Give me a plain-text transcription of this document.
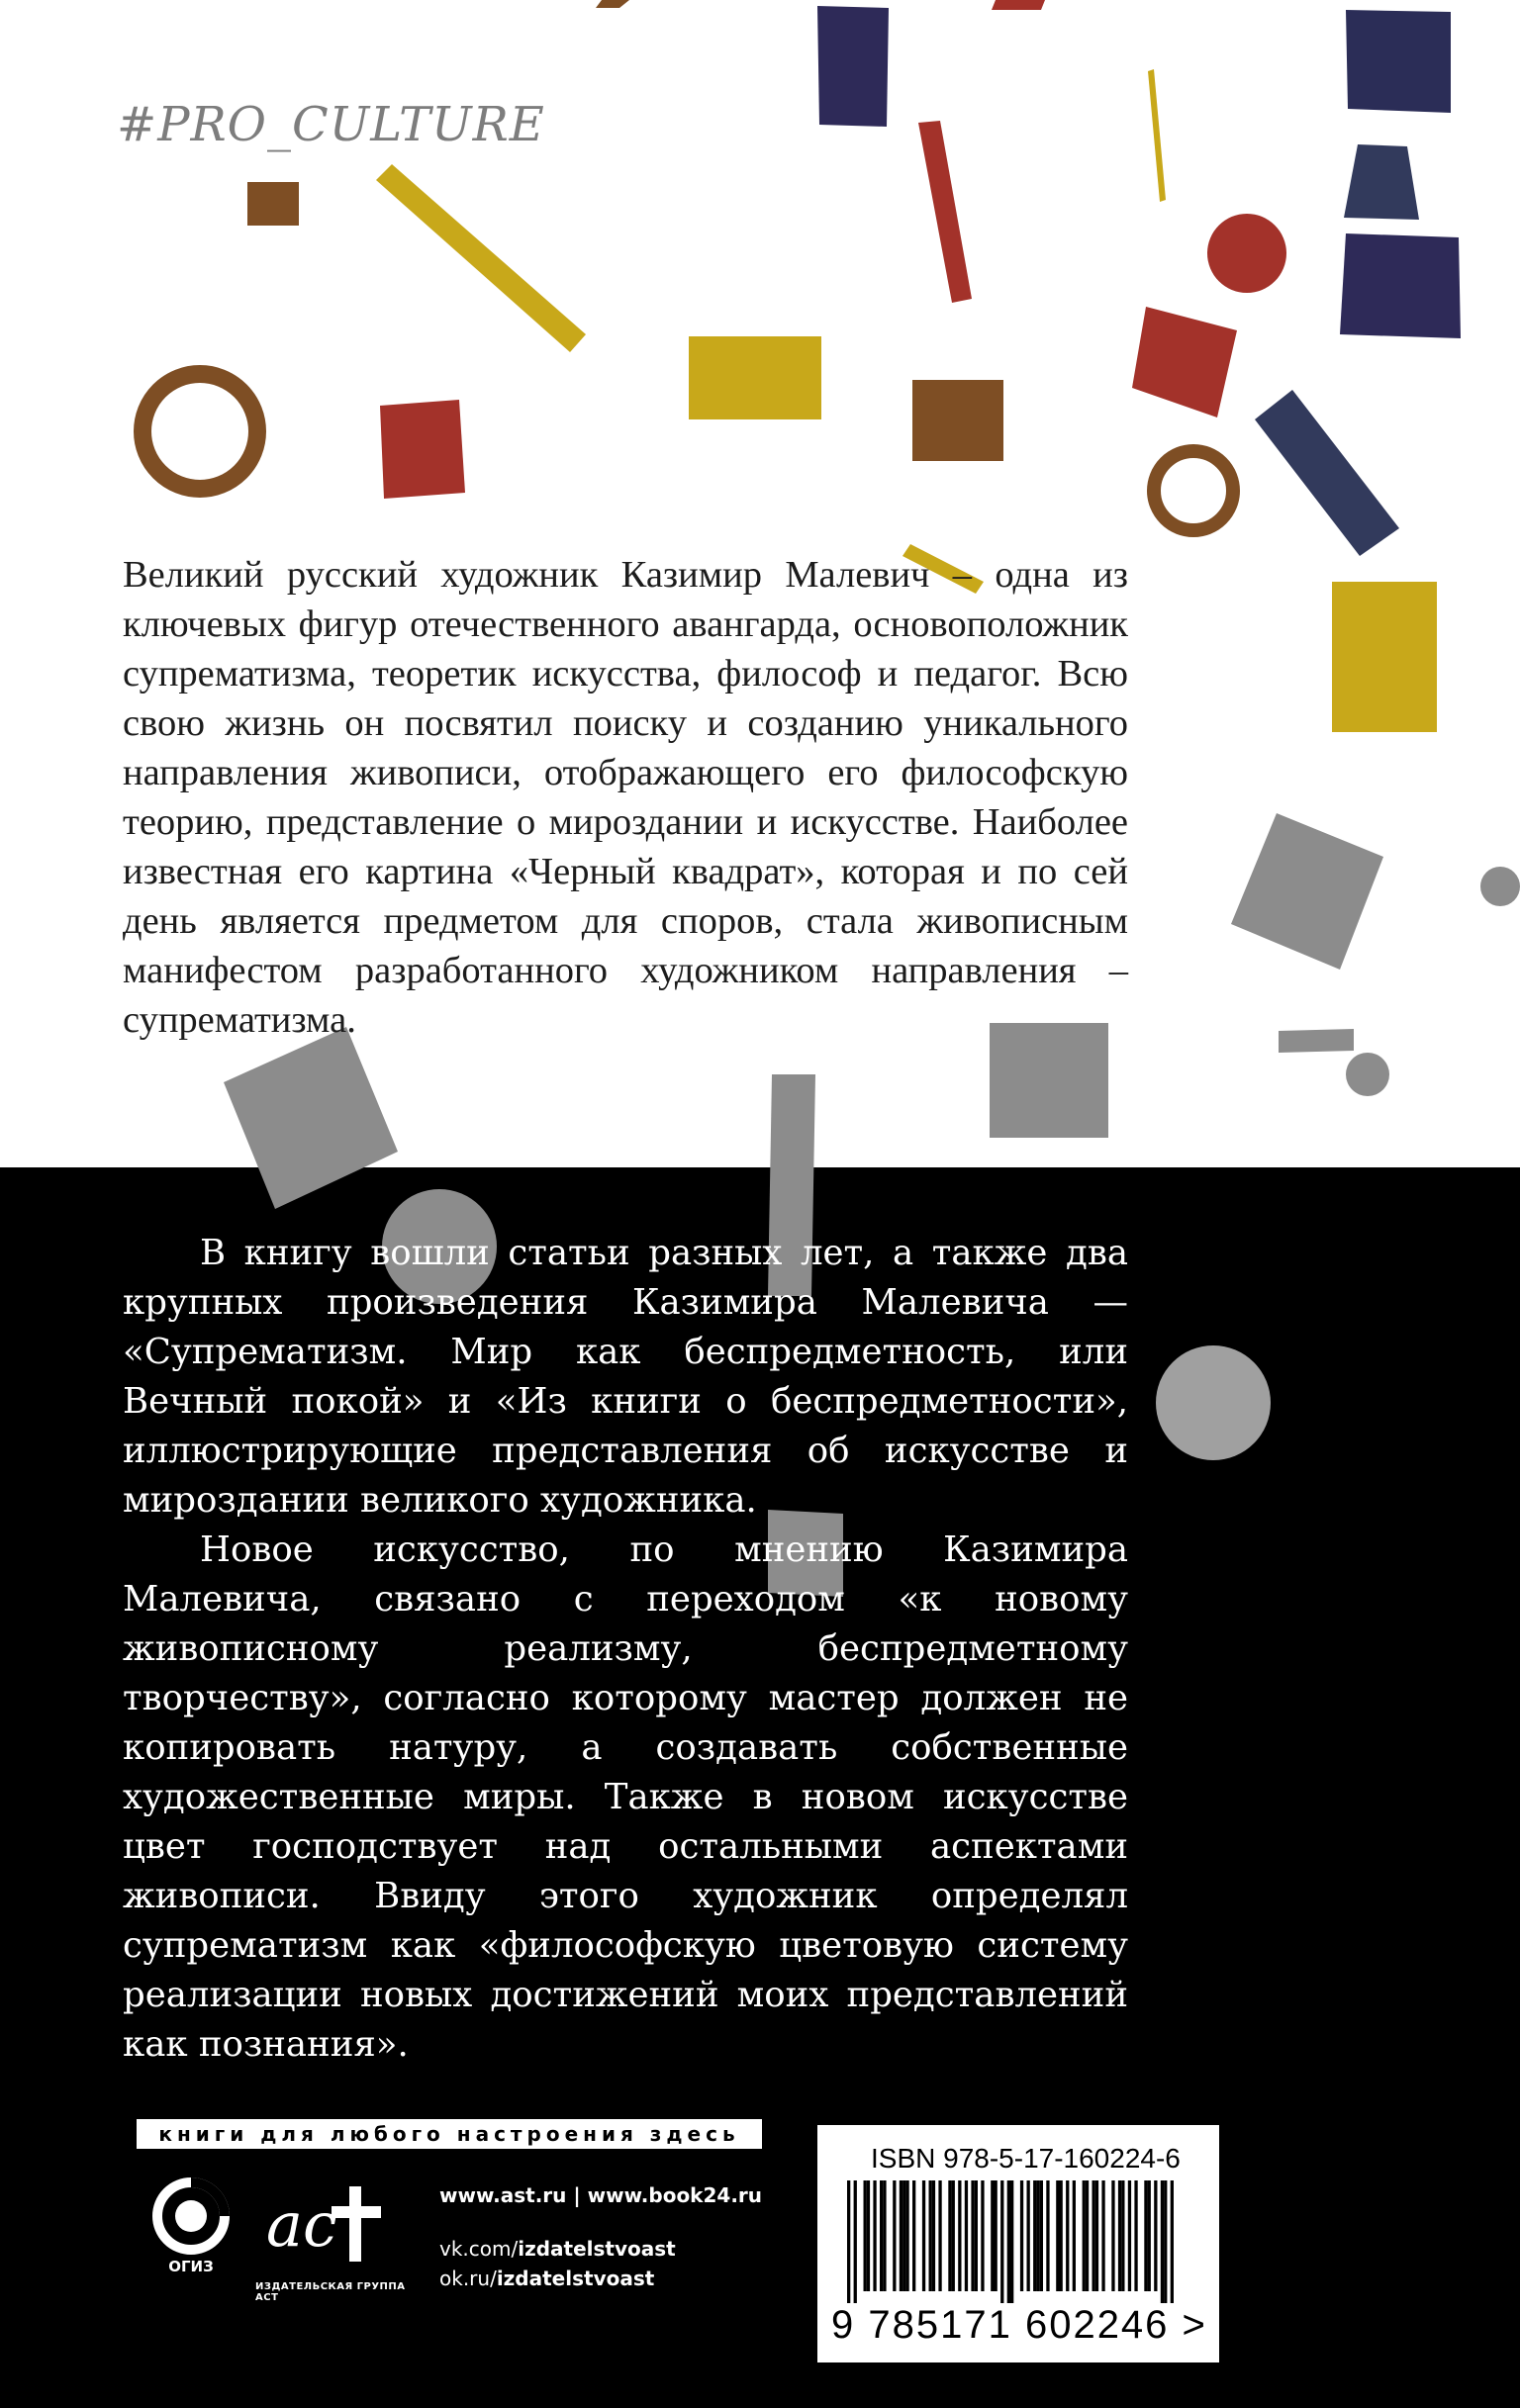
#PRO_CULTURE

Великий русский художник Казимир Малевич – одна из ключевых фигур отечественного авангарда, основоположник супрематизма, теоретик искусства, философ и педагог. Всю свою жизнь он посвятил поиску и созданию уникального направления живописи, отображающего его философскую теорию, представление о мироздании и искусстве. Наиболее известная его картина «Черный квадрат», которая и по сей день является предметом для споров, стала живописным манифестом разработанного художником направления – супрематизма.

В книгу вошли статьи разных лет, а также два крупных произведения Казимира Малевича — «Супрематизм. Мир как беспредметность, или Вечный покой» и «Из книги о беспредметности», иллюстрирующие представления об искусстве и мироздании великого художника.

Новое искусство, по мнению Казимира Малевича, связано с переходом «к новому живописному реализму, беспредметному творчеству», согласно которому мастер должен не копировать натуру, а создавать собственные художественные миры. Также в новом искусстве цвет господствует над остальными аспектами живописи. Ввиду этого художник определял супрематизм как «философскую цветовую систему реализации новых достижений моих представлений как познания».

книги для любого настроения здесь
ОГИЗ
ac
ИЗДАТЕЛЬСКАЯ ГРУППА АСТ
www.ast.ru | www.book24.ru
vk.com/izdatelstvoast
ok.ru/izdatelstvoast
ISBN 978-5-17-160224-6
9 785171 602246 >
